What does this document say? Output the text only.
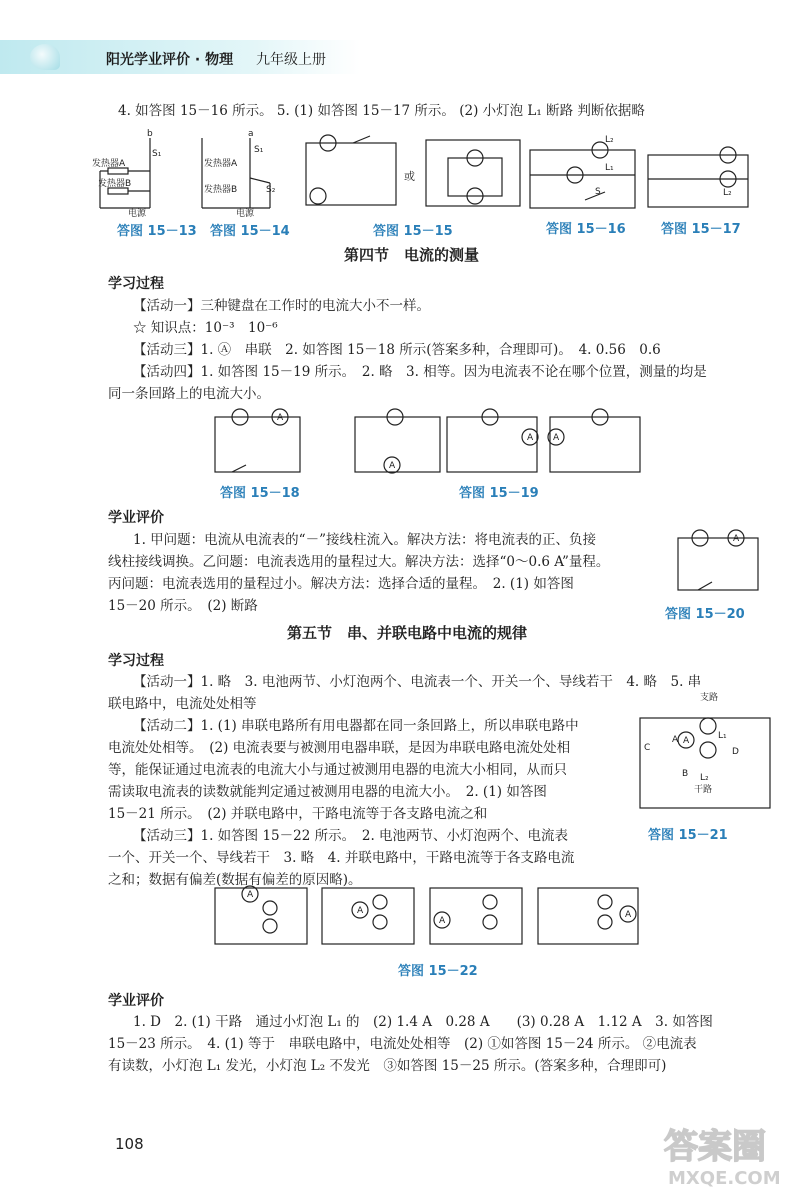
阳光学业评价 · 物理 九年级上册
4. 如答图 15－16 所示。 5. (1) 如答图 15－17 所示。 (2) 小灯泡 L₁ 断路 判断依据略
b
发热器A
发热器B
电源
S₁
答图 15－13
a
发热器A
发热器B
S₁
S₂
电源
答图 15－14
或
答图 15－15
L₂
L₁
S
答图 15－16
L₂
答图 15－17
第四节　电流的测量
学习过程
【活动一】三种键盘在工作时的电流大小不一样。
☆ 知识点：10⁻³　10⁻⁶
【活动三】1. Ⓐ　串联　2. 如答图 15－18 所示(答案多种，合理即可)。　4. 0.56　0.6
【活动四】1. 如答图 15－19 所示。　2. 略　3. 相等。因为电流表不论在哪个位置，测量的均是
同一条回路上的电流大小。
A
答图 15－18
A
A A
答图 15－19
学业评价
1. 甲问题：电流从电流表的“－”接线柱流入。解决方法：将电流表的正、负接
线柱接线调换。乙问题：电流表选用的量程过大。解决方法：选择“0～0.6 A”量程。
丙问题：电流表选用的量程过小。解决方法：选择合适的量程。　2. (1) 如答图
15－20 所示。　(2) 断路
A
答图 15－20
第五节　串、并联电路中电流的规律
学习过程
【活动一】1. 略　3. 电池两节、小灯泡两个、电流表一个、开关一个、导线若干　4. 略　5. 串
联电路中，电流处处相等
【活动二】1. (1) 串联电路所有用电器都在同一条回路上，所以串联电路中
电流处处相等。　(2) 电流表要与被测用电器串联，是因为串联电路电流处处相
等，能保证通过电流表的电流大小与通过被测用电器的电流大小相同，从而只
需读取电流表的读数就能判定通过被测用电器的电流大小。　2. (1) 如答图
15－21 所示。　(2) 并联电路中，干路电流等于各支路电流之和
【活动三】1. 如答图 15－22 所示。　2. 电池两节、小灯泡两个、电流表
一个、开关一个、导线若干　3. 略　4. 并联电路中，干路电流等于各支路电流
之和；数据有偏差(数据有偏差的原因略)。
支路
A
C
A
B
D
L₁
L₂
干路
答图 15－21
A
A
A
A
答图 15－22
学业评价
1. D　2. (1) 干路　通过小灯泡 L₁ 的　(2) 1.4 A　0.28 A　　(3) 0.28 A　1.12 A　3. 如答图
15－23 所示。　4. (1) 等于　串联电路中，电流处处相等　(2) ①如答图 15－24 所示。 ②电流表
有读数，小灯泡 L₁ 发光，小灯泡 L₂ 不发光　③如答图 15－25 所示。(答案多种，合理即可)
108	答案圈
MXQE.COM
